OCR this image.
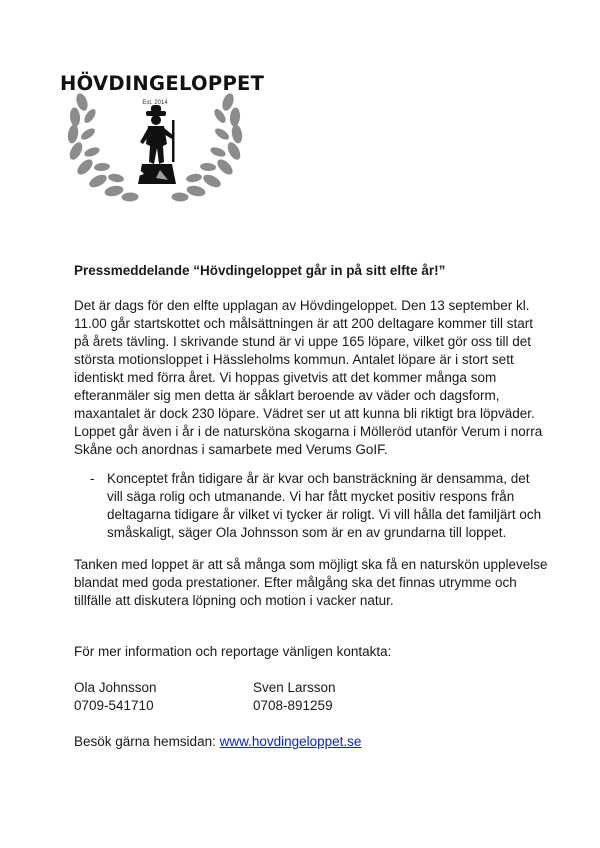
HÖVDINGELOPPET
Est. 2014
Pressmeddelande “Hövdingeloppet går in på sitt elfte år!”
Det är dags för den elfte upplagan av Hövdingeloppet. Den 13 september kl.
11.00 går startskottet och målsättningen är att 200 deltagare kommer till start
på årets tävling. I skrivande stund är vi uppe 165 löpare, vilket gör oss till det
största motionsloppet i Hässleholms kommun. Antalet löpare är i stort sett
identiskt med förra året. Vi hoppas givetvis att det kommer många som
efteranmäler sig men detta är såklart beroende av väder och dagsform,
maxantalet är dock 230 löpare. Vädret ser ut att kunna bli riktigt bra löpväder.
Loppet går även i år i de natursköna skogarna i Mölleröd utanför Verum i norra
Skåne och anordnas i samarbete med Verums GoIF.
- Konceptet från tidigare år är kvar och bansträckning är densamma, det
vill säga rolig och utmanande. Vi har fått mycket positiv respons från
deltagarna tidigare år vilket vi tycker är roligt. Vi vill hålla det familjärt och
småskaligt, säger Ola Johnsson som är en av grundarna till loppet.
Tanken med loppet är att så många som möjligt ska få en naturskön upplevelse
blandat med goda prestationer. Efter målgång ska det finnas utrymme och
tillfälle att diskutera löpning och motion i vacker natur.
För mer information och reportage vänligen kontakta:
Ola Johnsson
0709-541710
Sven Larsson
0708-891259
Besök gärna hemsidan: www.hovdingeloppet.se
